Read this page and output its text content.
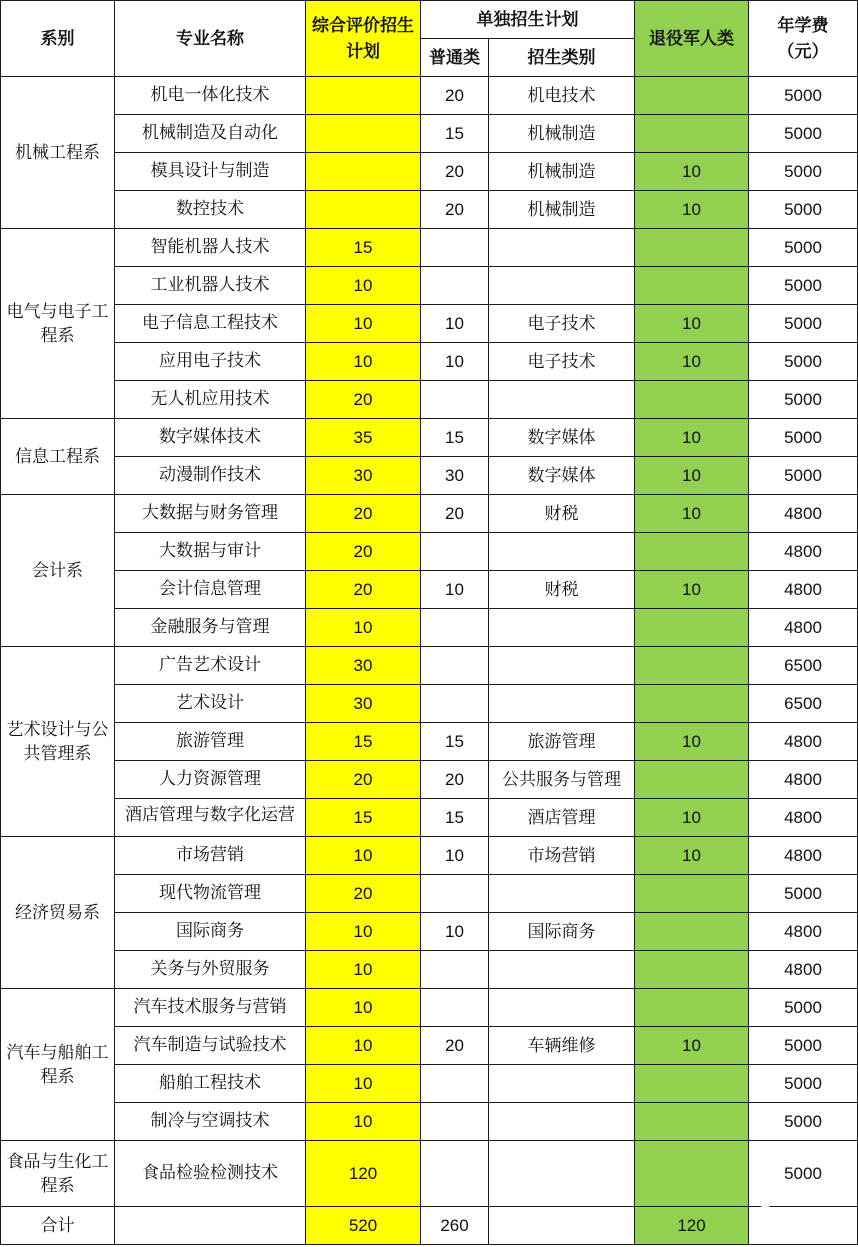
系别	专业名称	综合评价招生计划	单独招生计划		退役军人类	年学费（元）
			普通类	招生类别		
机械工程系	机电一体化技术		20	机电技术		5000

	机械制造及自动化		15	机械制造		5000

	模具设计与制造		20	机械制造	10	5000

	数控技术		20	机械制造	10	5000
电气与电子工程系	智能机器人技术	15				5000

	工业机器人技术	10				5000

	电子信息工程技术	10	10	电子技术	10	5000

	应用电子技术	10	10	电子技术	10	5000

	无人机应用技术	20				5000
信息工程系	数字媒体技术	35	15	数字媒体	10	5000

	动漫制作技术	30	30	数字媒体	10	5000
会计系	大数据与财务管理	20	20	财税	10	4800

	大数据与审计	20				4800

	会计信息管理	20	10	财税	10	4800

	金融服务与管理	10				4800
艺术设计与公共管理系	广告艺术设计	30				6500

	艺术设计	30				6500

	旅游管理	15	15	旅游管理	10	4800

	人力资源管理	20	20	公共服务与管理		4800

	酒店管理与数字化运营	15	15	酒店管理	10	4800
经济贸易系	市场营销	10	10	市场营销	10	4800

	现代物流管理	20				5000

	国际商务	10	10	国际商务		4800

	关务与外贸服务	10				4800
汽车与船舶工程系	汽车技术服务与营销	10				5000

	汽车制造与试验技术	10	20	车辆维修	10	5000

	船舶工程技术	10				5000

	制冷与空调技术	10				5000
食品与生化工程系	食品检验检测技术	120				5000
合计		520	260		120	
